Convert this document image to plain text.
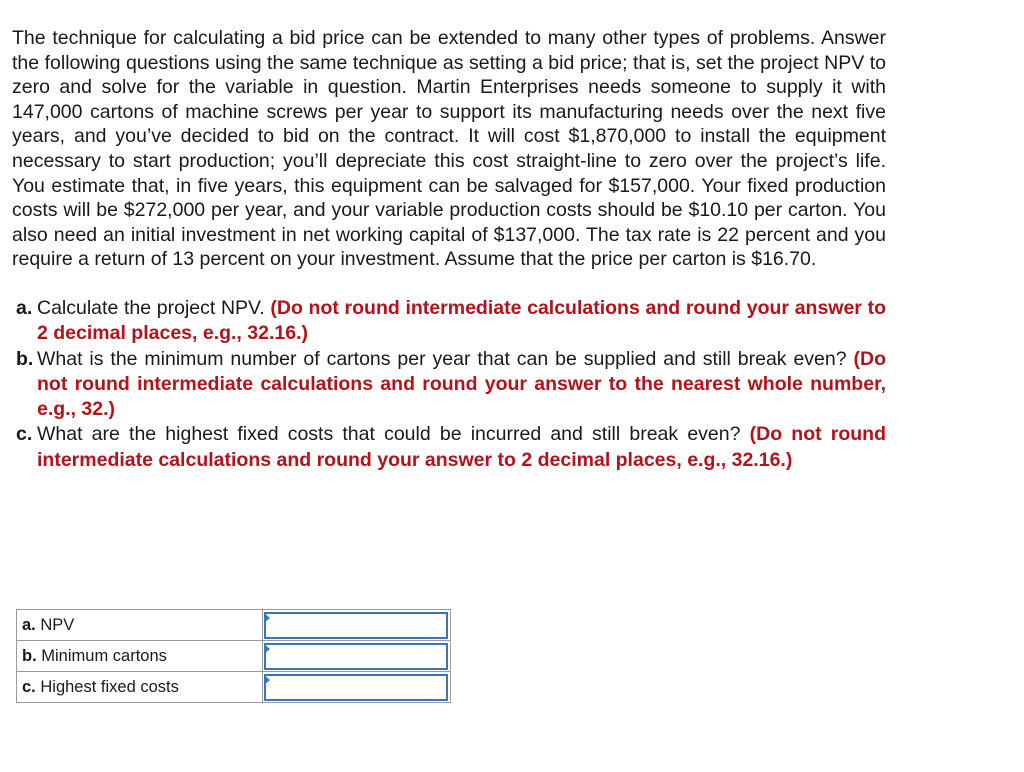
The technique for calculating a bid price can be extended to many other types of problems. Answer the following questions using the same technique as setting a bid price; that is, set the project NPV to zero and solve for the variable in question. Martin Enterprises needs someone to supply it with 147,000 cartons of machine screws per year to support its manufacturing needs over the next five years, and you’ve decided to bid on the contract. It will cost $1,870,000 to install the equipment necessary to start production; you’ll depreciate this cost straight-line to zero over the project’s life. You estimate that, in five years, this equipment can be salvaged for $157,000. Your fixed production costs will be $272,000 per year, and your variable production costs should be $10.10 per carton. You also need an initial investment in net working capital of $137,000. The tax rate is 22 percent and you require a return of 13 percent on your investment. Assume that the price per carton is $16.70.

a. Calculate the project NPV. (Do not round intermediate calculations and round your answer to 2 decimal places, e.g., 32.16.)
b. What is the minimum number of cartons per year that can be supplied and still break even? (Do not round intermediate calculations and round your answer to the nearest whole number, e.g., 32.)
c. What are the highest fixed costs that could be incurred and still break even? (Do not round intermediate calculations and round your answer to 2 decimal places, e.g., 32.16.)
a. NPV	

b. Minimum cartons	

c. Highest fixed costs	
